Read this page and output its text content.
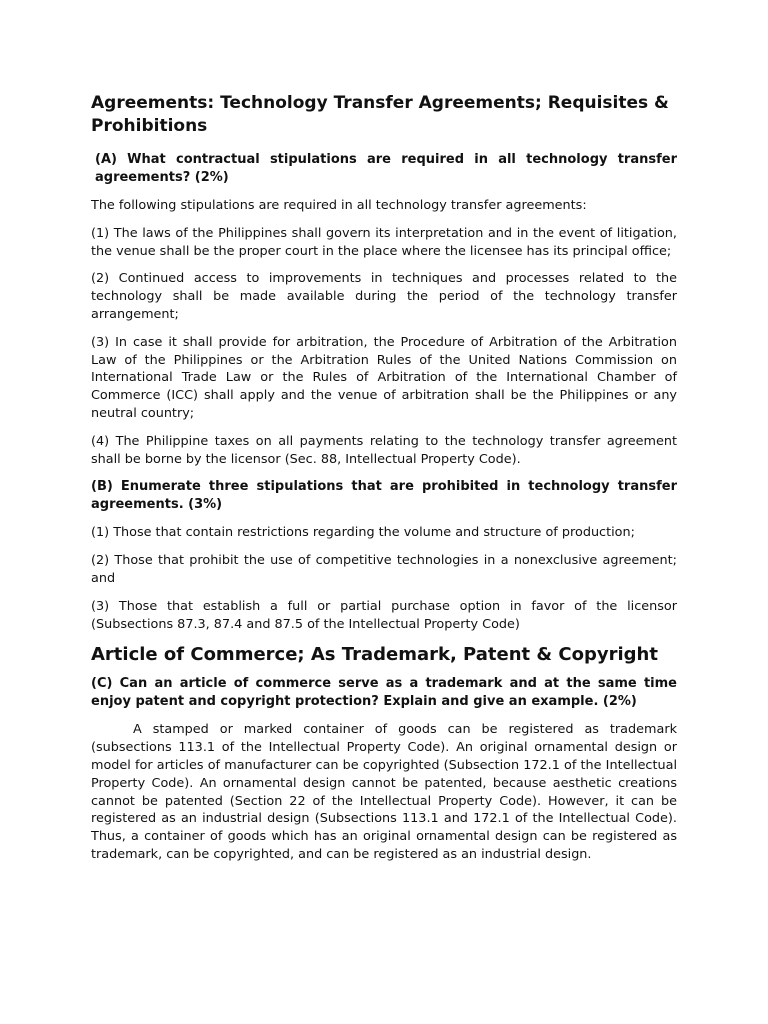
Agreements: Technology Transfer Agreements; Requisites & Prohibitions
(A) What contractual stipulations are required in all technology transfer agreements? (2%)
The following stipulations are required in all technology transfer agreements:
(1) The laws of the Philippines shall govern its interpretation and in the event of litigation, the venue shall be the proper court in the place where the licensee has its principal office;
(2) Continued access to improvements in techniques and processes related to the technology shall be made available during the period of the technology transfer arrangement;
(3) In case it shall provide for arbitration, the Procedure of Arbitration of the Arbitration Law of the Philippines or the Arbitration Rules of the United Nations Commission on International Trade Law or the Rules of Arbitration of the International Chamber of Commerce (ICC) shall apply and the venue of arbitration shall be the Philippines or any neutral country;
(4) The Philippine taxes on all payments relating to the technology transfer agreement shall be borne by the licensor (Sec. 88, Intellectual Property Code).
(B) Enumerate three stipulations that are prohibited in technology transfer agreements. (3%)
(1) Those that contain restrictions regarding the volume and structure of production;
(2) Those that prohibit the use of competitive technologies in a nonexclusive agreement; and
(3) Those that establish a full or partial purchase option in favor of the licensor (Subsections 87.3, 87.4 and 87.5 of the Intellectual Property Code)
Article of Commerce; As Trademark, Patent & Copyright
(C) Can an article of commerce serve as a trademark and at the same time enjoy patent and copyright protection? Explain and give an example. (2%)
A stamped or marked container of goods can be registered as trademark (subsections 113.1 of the Intellectual Property Code). An original ornamental design or model for articles of manufacturer can be copyrighted (Subsection 172.1 of the Intellectual Property Code). An ornamental design cannot be patented, because aesthetic creations cannot be patented (Section 22 of the Intellectual Property Code). However, it can be registered as an industrial design (Subsections 113.1 and 172.1 of the Intellectual Code). Thus, a container of goods which has an original ornamental design can be registered as trademark, can be copyrighted, and can be registered as an industrial design.
